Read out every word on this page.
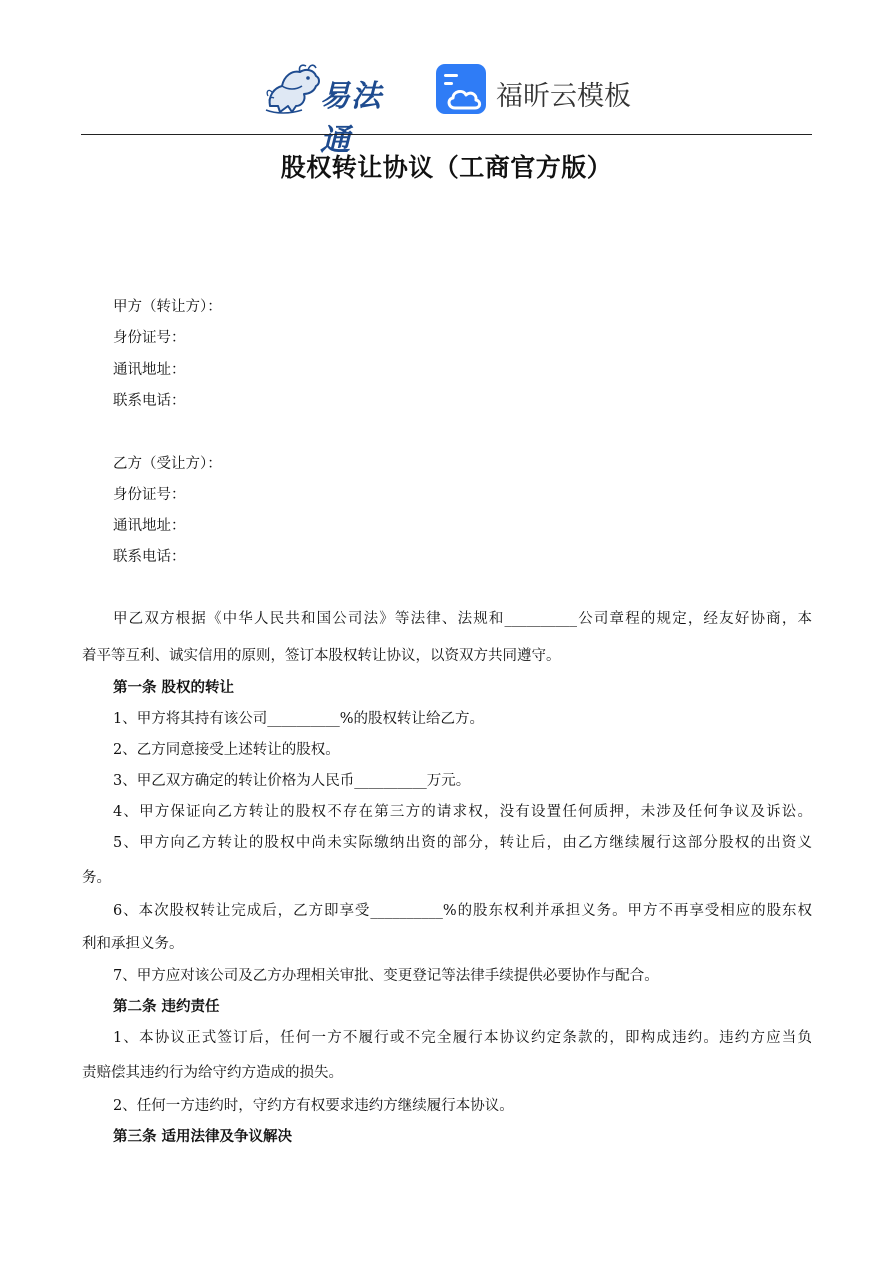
易法通
福昕云模板
股权转让协议（工商官方版）
甲方（转让方）：
身份证号：
通讯地址：
联系电话：
乙方（受让方）：
身份证号：
通讯地址：
联系电话：
甲乙双方根据《中华人民共和国公司法》等法律、法规和__________公司章程的规定，经友好协商，本
着平等互利、诚实信用的原则，签订本股权转让协议，以资双方共同遵守。
第一条 股权的转让
1、甲方将其持有该公司__________%的股权转让给乙方。
2、乙方同意接受上述转让的股权。
3、甲乙双方确定的转让价格为人民币__________万元。
4、甲方保证向乙方转让的股权不存在第三方的请求权，没有设置任何质押，未涉及任何争议及诉讼。
5、甲方向乙方转让的股权中尚未实际缴纳出资的部分，转让后，由乙方继续履行这部分股权的出资义
务。
6、本次股权转让完成后，乙方即享受__________%的股东权利并承担义务。甲方不再享受相应的股东权
利和承担义务。
7、甲方应对该公司及乙方办理相关审批、变更登记等法律手续提供必要协作与配合。
第二条 违约责任
1、本协议正式签订后，任何一方不履行或不完全履行本协议约定条款的，即构成违约。违约方应当负
责赔偿其违约行为给守约方造成的损失。
2、任何一方违约时，守约方有权要求违约方继续履行本协议。
第三条 适用法律及争议解决
